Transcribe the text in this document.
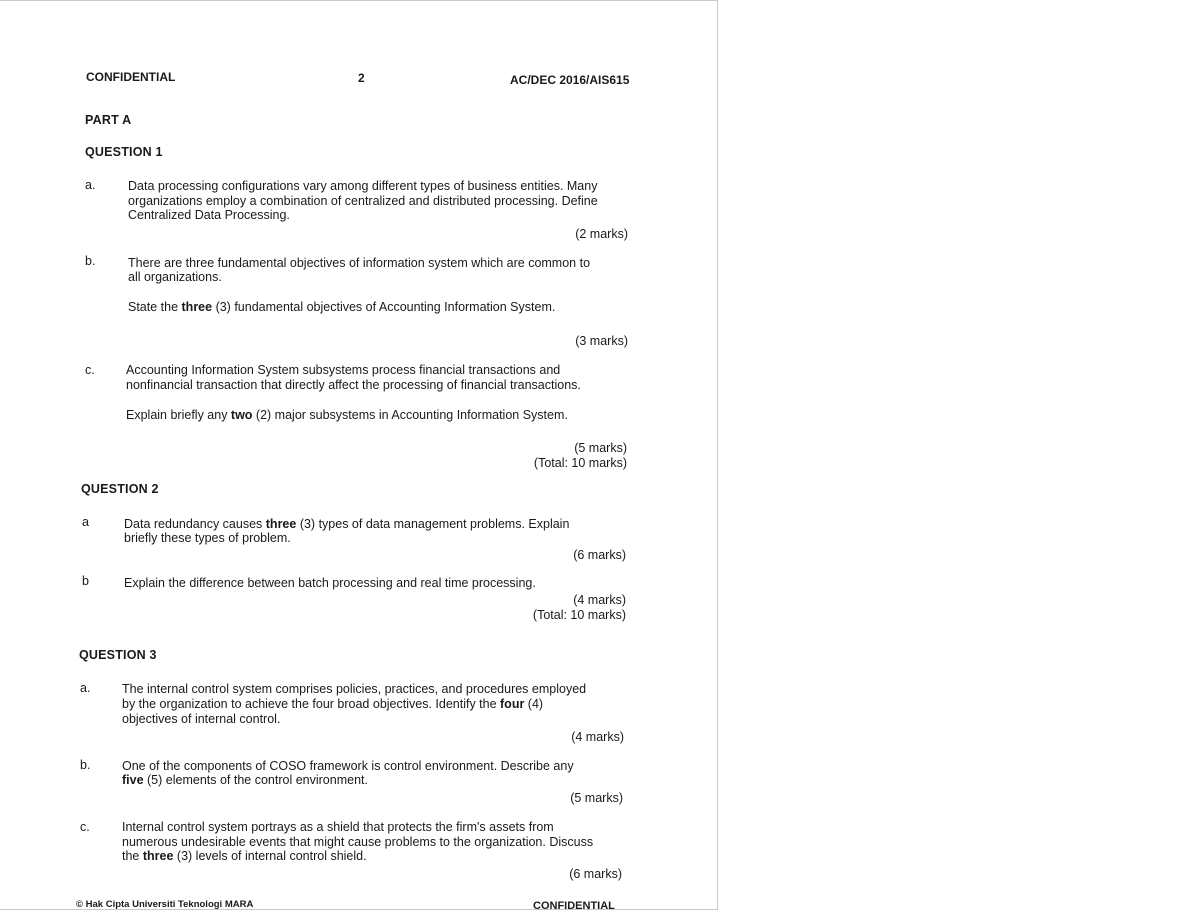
CONFIDENTIAL	2	AC/DEC 2016/AIS615
PART A
QUESTION 1
a.	Data processing configurations vary among different types of business entities. Many
organizations employ a combination of centralized and distributed processing. Define
Centralized Data Processing.
(2 marks)
b.	There are three fundamental objectives of information system which are common to
all organizations.
State the three (3) fundamental objectives of Accounting Information System.
(3 marks)
c.	Accounting Information System subsystems process financial transactions and
nonfinancial transaction that directly affect the processing of financial transactions.
Explain briefly any two (2) major subsystems in Accounting Information System.
(5 marks)
(Total: 10 marks)
QUESTION 2
a	Data redundancy causes three (3) types of data management problems. Explain
briefly these types of problem.
(6 marks)
b	Explain the difference between batch processing and real time processing.
(4 marks)
(Total: 10 marks)
QUESTION 3
a.	The internal control system comprises policies, practices, and procedures employed
by the organization to achieve the four broad objectives. Identify the four (4)
objectives of internal control.
(4 marks)
b.	One of the components of COSO framework is control environment. Describe any
five (5) elements of the control environment.
(5 marks)
c.	Internal control system portrays as a shield that protects the firm's assets from
numerous undesirable events that might cause problems to the organization. Discuss
the three (3) levels of internal control shield.
(6 marks)
© Hak Cipta Universiti Teknologi MARA	CONFIDENTIAL
